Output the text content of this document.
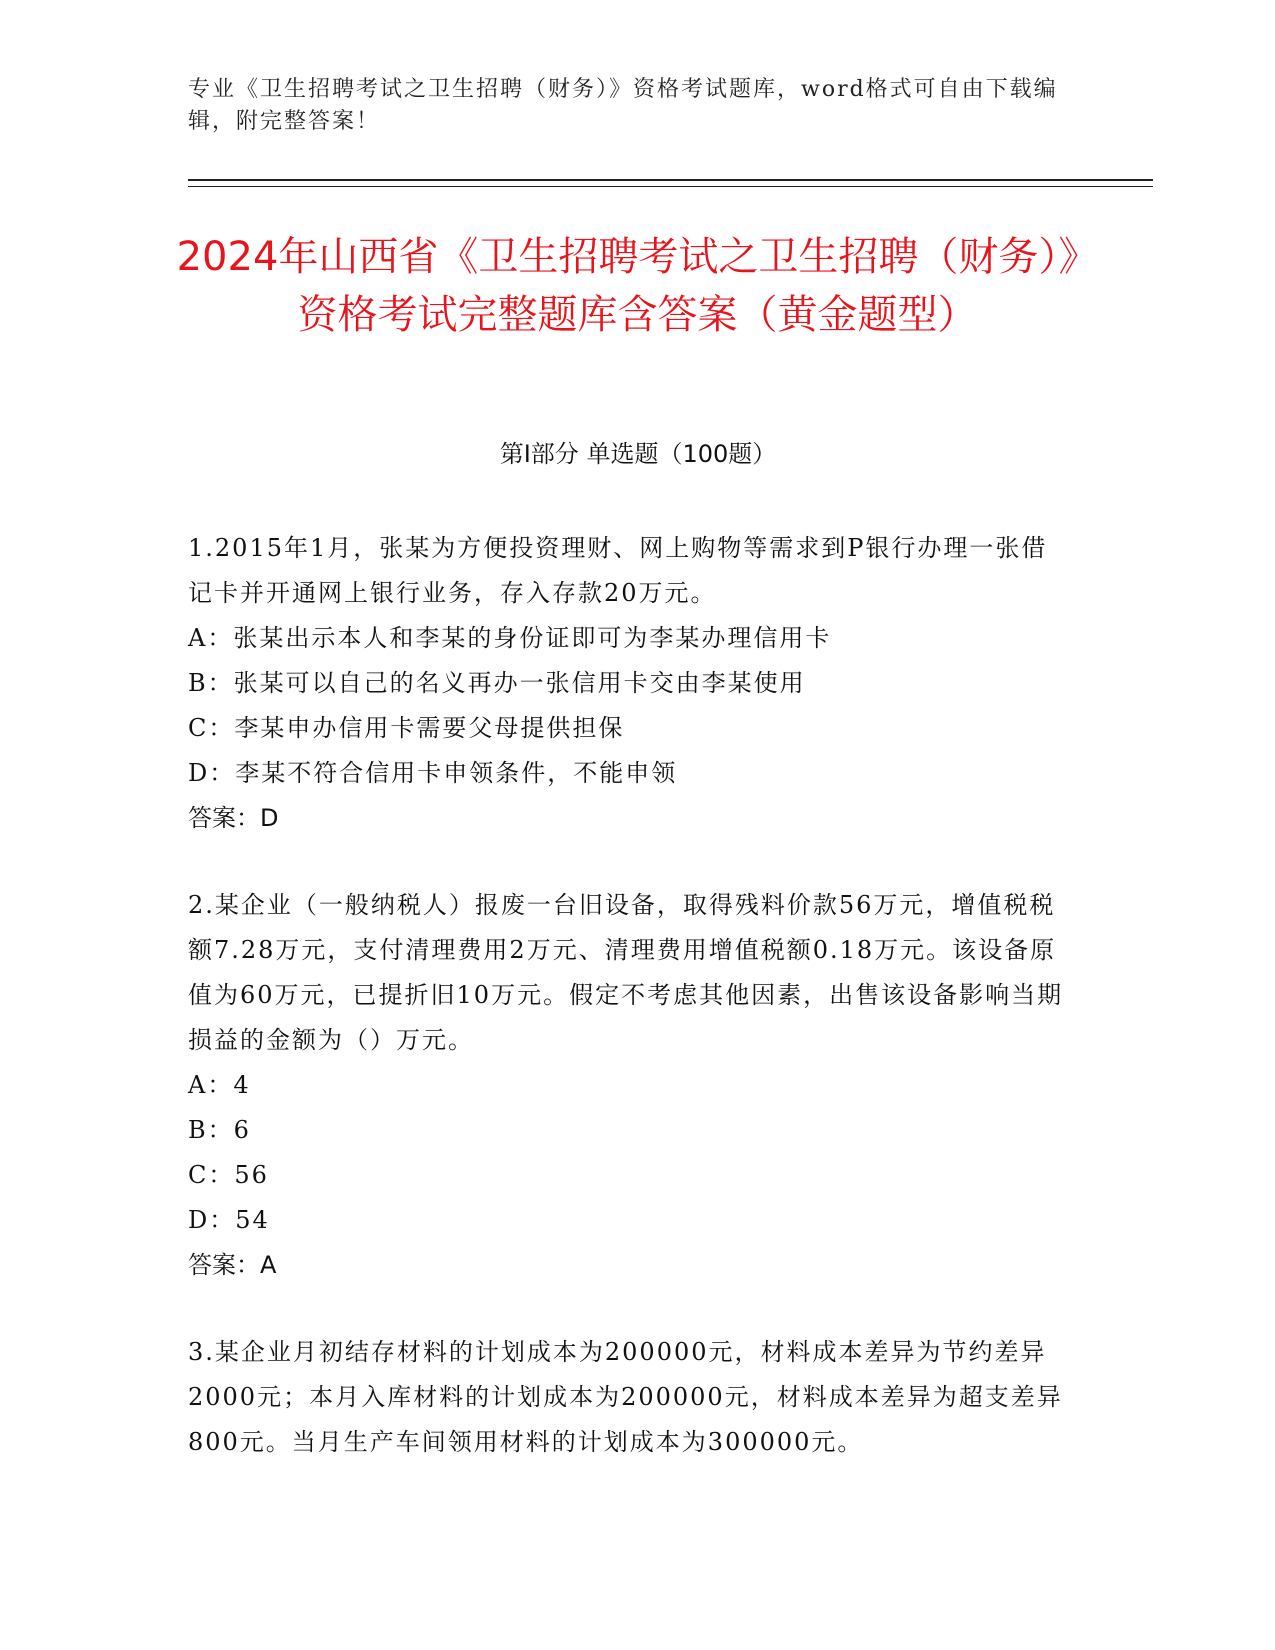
专业《卫生招聘考试之卫生招聘（财务）》资格考试题库，word格式可自由下载编辑，附完整答案！
2024年山西省《卫生招聘考试之卫生招聘（财务）》资格考试完整题库含答案（黄金题型）
第Ⅰ部分 单选题（100题）

1.2015年1月，张某为方便投资理财、网上购物等需求到P银行办理一张借记卡并开通网上银行业务，存入存款20万元。

A：张某出示本人和李某的身份证即可为李某办理信用卡

B：张某可以自己的名义再办一张信用卡交由李某使用

C：李某申办信用卡需要父母提供担保

D：李某不符合信用卡申领条件，不能申领

答案：D

2.某企业（一般纳税人）报废一台旧设备，取得残料价款56万元，增值税税额7.28万元，支付清理费用2万元、清理费用增值税额0.18万元。该设备原值为60万元，已提折旧10万元。假定不考虑其他因素，出售该设备影响当期损益的金额为（）万元。

A：4

B：6

C：56

D：54

答案：A

3.某企业月初结存材料的计划成本为200000元，材料成本差异为节约差异2000元；本月入库材料的计划成本为200000元，材料成本差异为超支差异800元。当月生产车间领用材料的计划成本为300000元。
